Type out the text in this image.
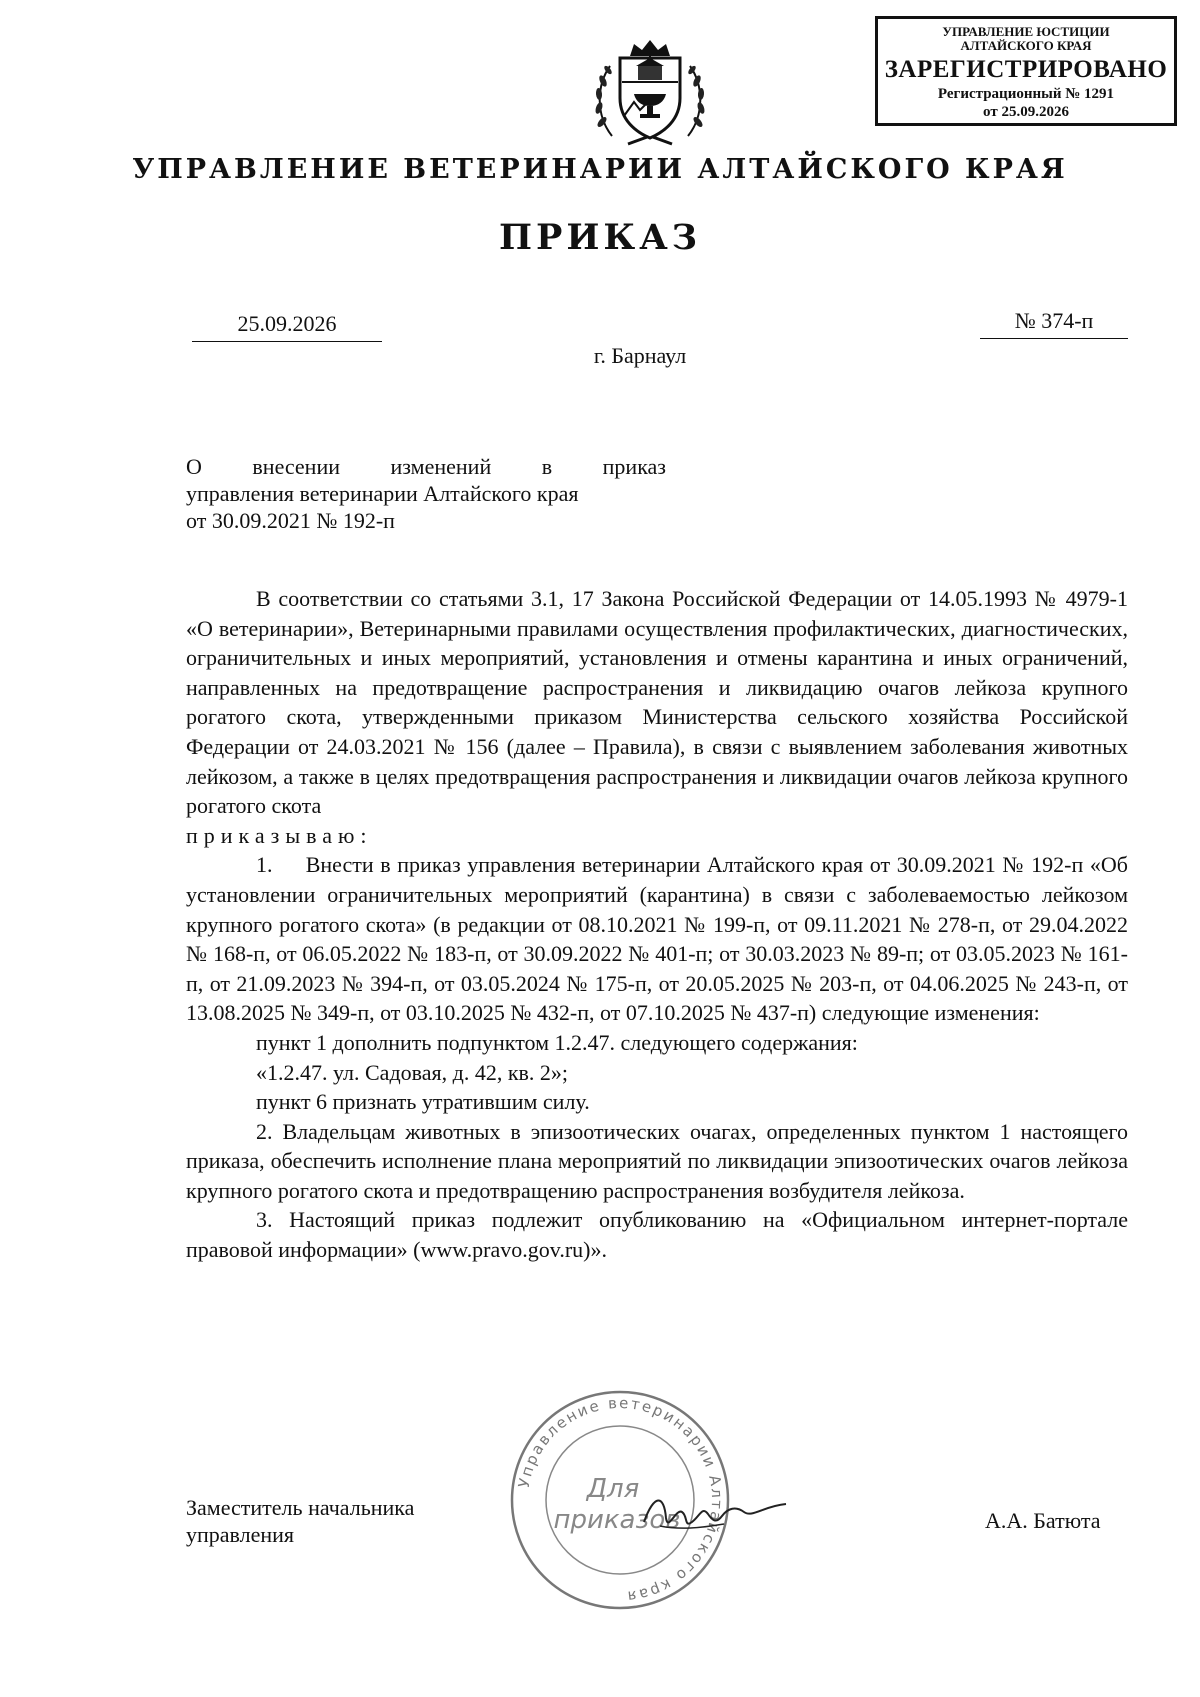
УПРАВЛЕНИЕ ЮСТИЦИИ
АЛТАЙСКОГО КРАЯ
ЗАРЕГИСТРИРОВАНО
Регистрационный № 1291
от 25.09.2026
УПРАВЛЕНИЕ ВЕТЕРИНАРИИ АЛТАЙСКОГО КРАЯ
ПРИКАЗ
25.09.2026	№ 374-п
г. Барнаул
О внесении изменений в приказ
управления ветеринарии Алтайского края
от 30.09.2021 № 192-п

В соответствии со статьями 3.1, 17 Закона Российской Федерации от 14.05.1993 № 4979-1 «О ветеринарии», Ветеринарными правилами осуществления профилактических, диагностических, ограничительных и иных мероприятий, установления и отмены карантина и иных ограничений, направленных на предотвращение распространения и ликвидацию очагов лейкоза крупного рогатого скота, утвержденными приказом Министерства сельского хозяйства Российской Федерации от 24.03.2021 № 156 (далее – Правила), в связи с выявлением заболевания животных лейкозом, а также в целях предотвращения распространения и ликвидации очагов лейкоза крупного рогатого скота

приказываю:

1.     Внести в приказ управления ветеринарии Алтайского края от 30.09.2021 № 192-п «Об установлении ограничительных мероприятий (карантина) в связи с заболеваемостью лейкозом крупного рогатого скота» (в редакции от 08.10.2021 № 199-п, от 09.11.2021 № 278-п, от 29.04.2022 № 168-п, от 06.05.2022 № 183-п, от 30.09.2022 № 401-п; от 30.03.2023 № 89-п; от 03.05.2023 № 161-п, от 21.09.2023 № 394-п, от 03.05.2024 № 175-п, от 20.05.2025 № 203-п, от 04.06.2025 № 243-п, от 13.08.2025 № 349-п, от 03.10.2025 № 432-п, от 07.10.2025 № 437-п) следующие изменения:

пункт 1 дополнить подпунктом 1.2.47. следующего содержания:

«1.2.47. ул. Садовая, д. 42, кв. 2»;

пункт 6 признать утратившим силу.

2. Владельцам животных в эпизоотических очагах, определенных пунктом 1 настоящего приказа, обеспечить исполнение плана мероприятий по ликвидации эпизоотических очагов лейкоза крупного рогатого скота и предотвращению распространения возбудителя лейкоза.

3. Настоящий приказ подлежит опубликованию на «Официальном интернет-портале правовой информации» (www.pravo.gov.ru)».

Управление ветеринарии Алтайского края
Для
приказов
Заместитель начальника
управления
А.А. Батюта
